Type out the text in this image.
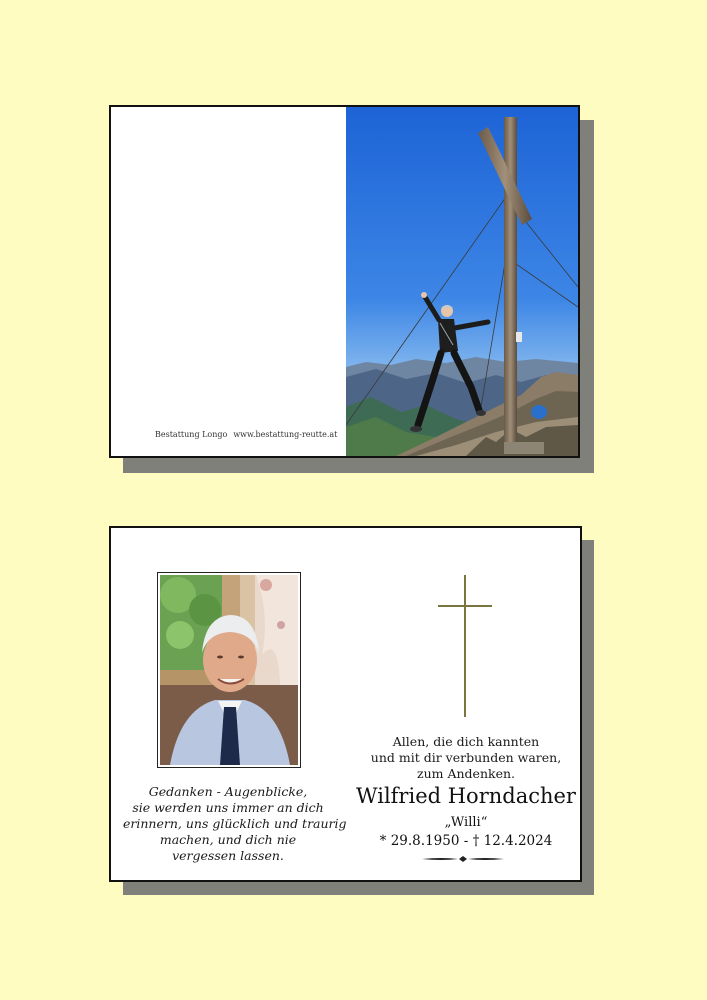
Bestattung Longo www.bestattung-reutte.at
Gedanken - Augenblicke,
sie werden uns immer an dich
erinnern, uns glücklich und traurig
machen, und dich nie
vergessen lassen.
Allen, die dich kannten
und mit dir verbunden waren,
zum Andenken.
Wilfried Horndacher
„Willi“
* 29.8.1950 - † 12.4.2024
